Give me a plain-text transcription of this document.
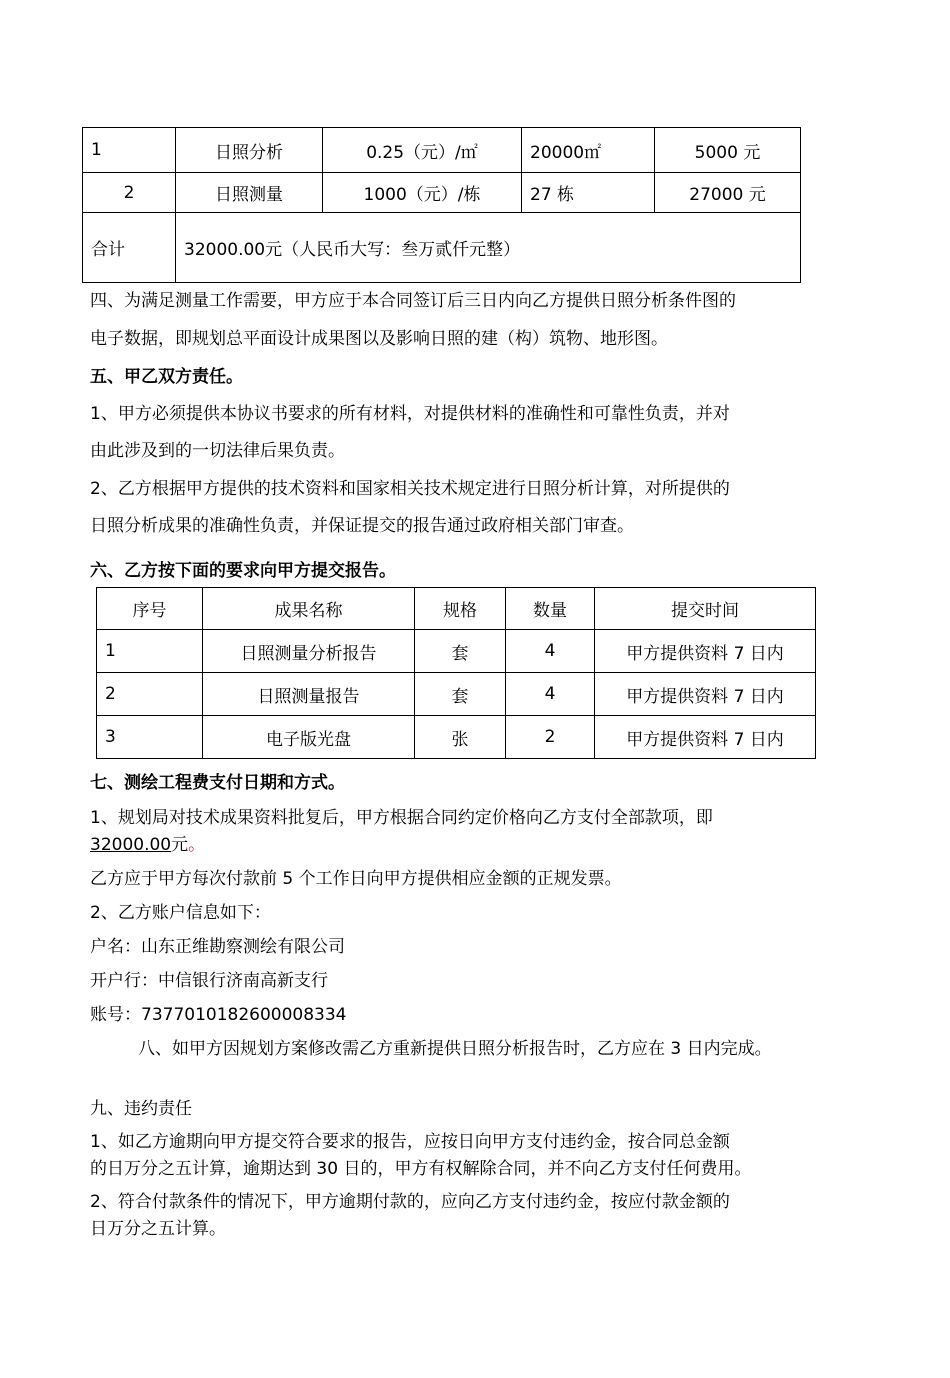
1	日照分析	0.25（元）/㎡	20000㎡	5000 元
2	日照测量	1000（元）/栋	27 栋	27000 元
合计	32000.00元（人民币大写：叁万贰仟元整）			
四、为满足测量工作需要，甲方应于本合同签订后三日内向乙方提供日照分析条件图的
电子数据，即规划总平面设计成果图以及影响日照的建（构）筑物、地形图。
五、甲乙双方责任。
1、甲方必须提供本协议书要求的所有材料，对提供材料的准确性和可靠性负责，并对
由此涉及到的一切法律后果负责。
2、乙方根据甲方提供的技术资料和国家相关技术规定进行日照分析计算，对所提供的
日照分析成果的准确性负责，并保证提交的报告通过政府相关部门审查。
六、乙方按下面的要求向甲方提交报告。
序号	成果名称	规格	数量	提交时间
1	日照测量分析报告	套	4	甲方提供资料 7 日内
2	日照测量报告	套	4	甲方提供资料 7 日内
3	电子版光盘	张	2	甲方提供资料 7 日内
七、测绘工程费支付日期和方式。
1、规划局对技术成果资料批复后，甲方根据合同约定价格向乙方支付全部款项，即
32000.00元。
乙方应于甲方每次付款前 5 个工作日向甲方提供相应金额的正规发票。
2、乙方账户信息如下：
户名：山东正维勘察测绘有限公司
开户行：中信银行济南高新支行
账号：7377010182600008334
八、如甲方因规划方案修改需乙方重新提供日照分析报告时，乙方应在 3 日内完成。
九、违约责任
1、如乙方逾期向甲方提交符合要求的报告，应按日向甲方支付违约金，按合同总金额
的日万分之五计算，逾期达到 30 日的，甲方有权解除合同，并不向乙方支付任何费用。
2、符合付款条件的情况下，甲方逾期付款的，应向乙方支付违约金，按应付款金额的
日万分之五计算。
